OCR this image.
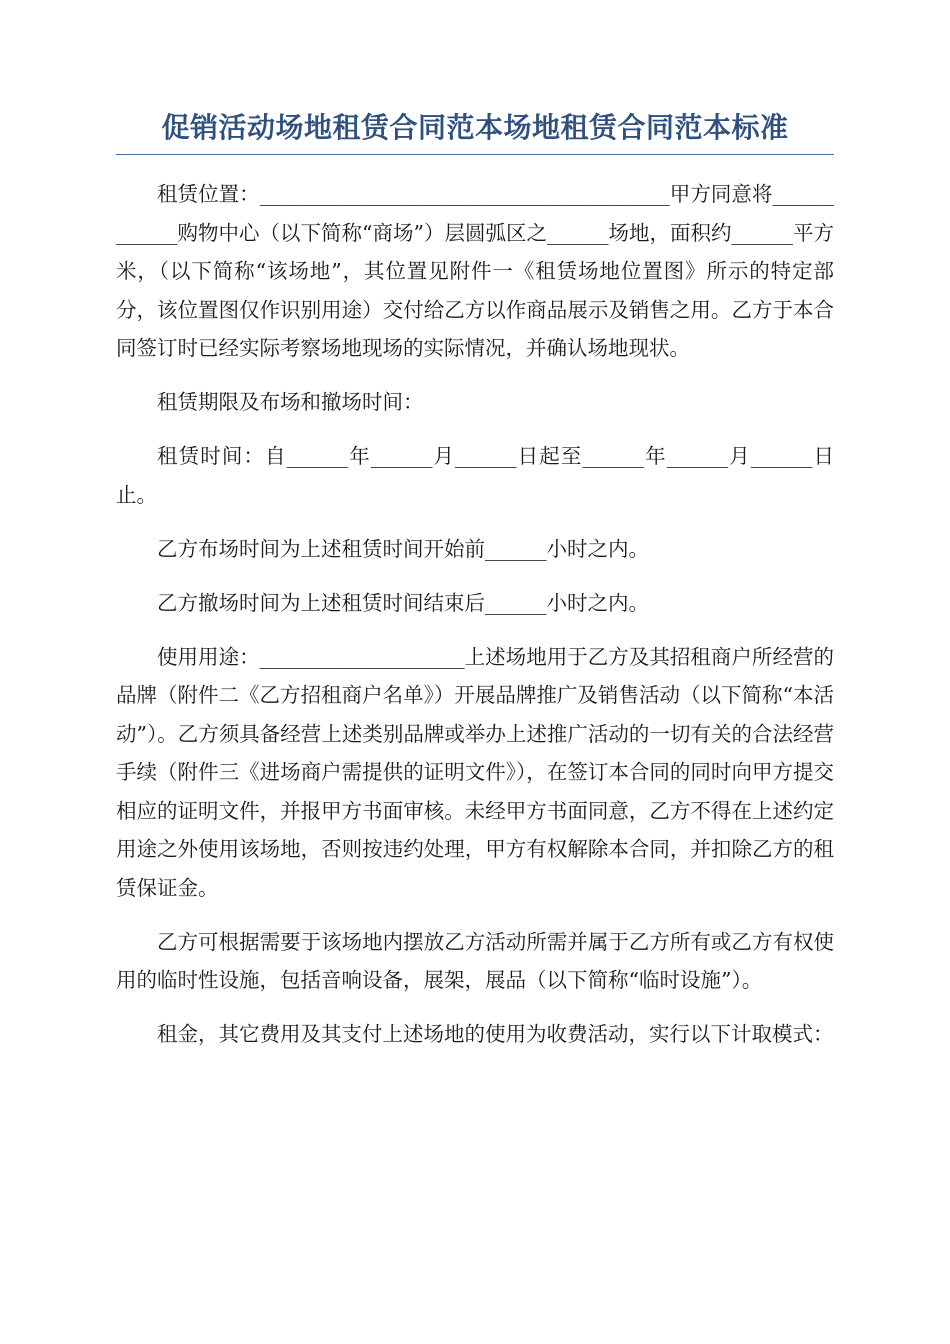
促销活动场地租赁合同范本场地租赁合同范本标准

租赁位置：________________________________________甲方同意将____________购物中心（以下简称“商场”）层圆弧区之______场地，面积约______平方米，（以下简称“该场地”，其位置见附件一《租赁场地位置图》所示的特定部分，该位置图仅作识别用途）交付给乙方以作商品展示及销售之用。乙方于本合同签订时已经实际考察场地现场的实际情况，并确认场地现状。

租赁期限及布场和撤场时间：

租赁时间：自______年______月______日起至______年______月______日止。

乙方布场时间为上述租赁时间开始前______小时之内。

乙方撤场时间为上述租赁时间结束后______小时之内。

使用用途：____________________上述场地用于乙方及其招租商户所经营的品牌（附件二《乙方招租商户名单》）开展品牌推广及销售活动（以下简称“本活动”）。乙方须具备经营上述类别品牌或举办上述推广活动的一切有关的合法经营手续（附件三《进场商户需提供的证明文件》），在签订本合同的同时向甲方提交相应的证明文件，并报甲方书面审核。未经甲方书面同意，乙方不得在上述约定用途之外使用该场地，否则按违约处理，甲方有权解除本合同，并扣除乙方的租赁保证金。

乙方可根据需要于该场地内摆放乙方活动所需并属于乙方所有或乙方有权使用的临时性设施，包括音响设备，展架，展品（以下简称“临时设施”）。

租金，其它费用及其支付上述场地的使用为收费活动，实行以下计取模式：
